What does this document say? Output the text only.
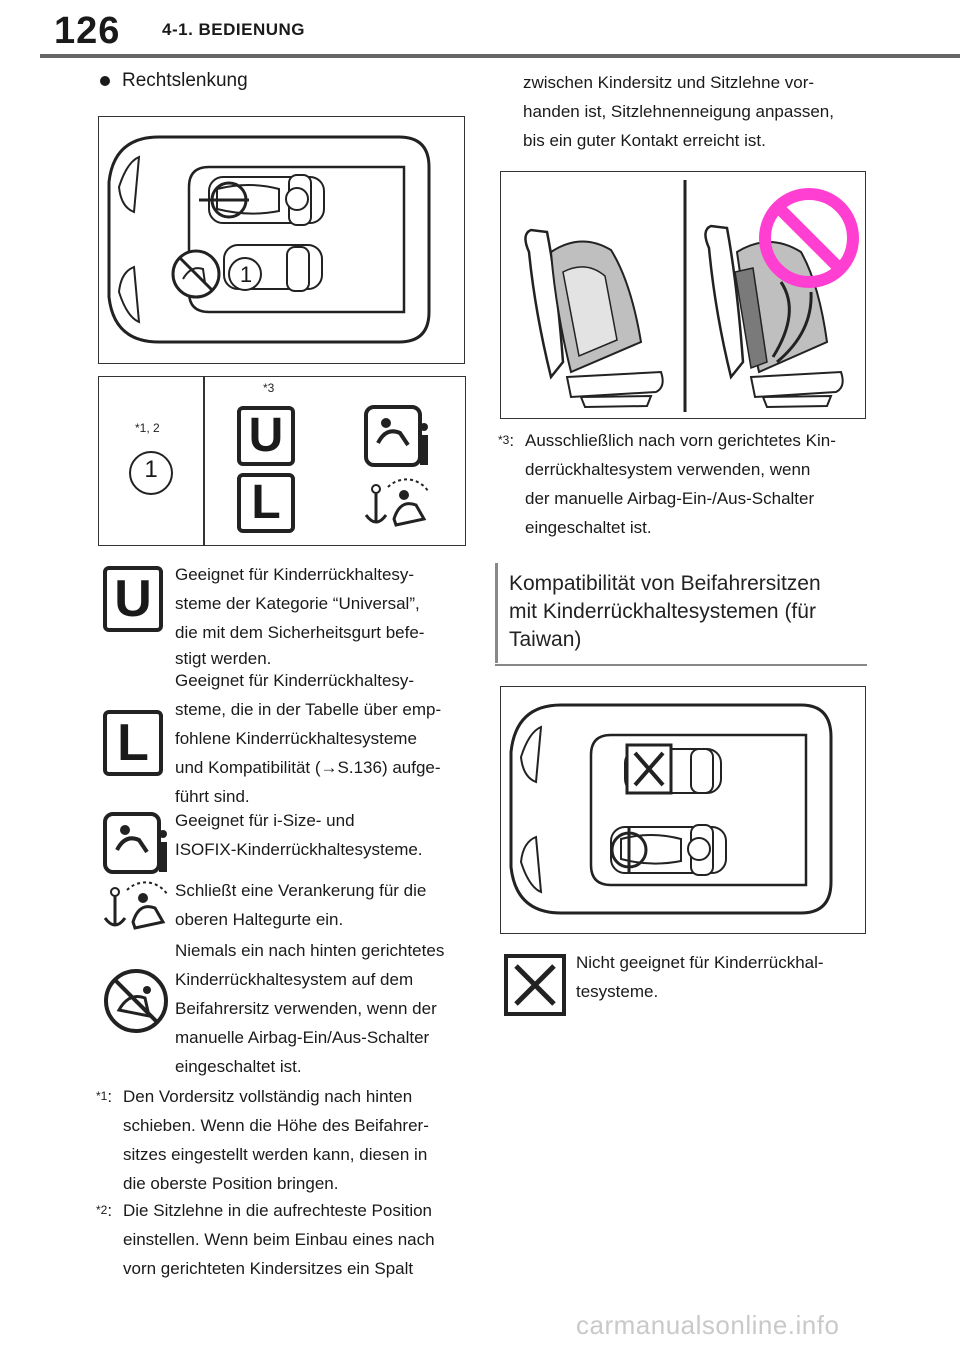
126 4-1. BEDIENUNG
Rechtslenkung
1
*1, 2
1
*3
U
L
U	Geeignet für Kinderrückhaltesy-
steme der Kategorie “Universal”,
die mit dem Sicherheitsgurt befe-
stigt werden.
L
Geeignet für Kinderrückhaltesy-
steme, die in der Tabelle über emp-
fohlene Kinderrückhaltesysteme
und Kompatibilität (→S.136) aufge-
führt sind.
Geeignet für i-Size- und
ISOFIX-Kinderrückhaltesysteme.
Schließt eine Verankerung für die
oberen Haltegurte ein.
Niemals ein nach hinten gerichtetes
Kinderrückhaltesystem auf dem
Beifahrersitz verwenden, wenn der
manuelle Airbag-Ein/Aus-Schalter
eingeschaltet ist.
$^{*1}$: Den Vordersitz vollständig nach hinten
schieben. Wenn die Höhe des Beifahrer-
sitzes eingestellt werden kann, diesen in
die oberste Position bringen.
$^{*2}$: Die Sitzlehne in die aufrechteste Position
einstellen. Wenn beim Einbau eines nach
vorn gerichteten Kindersitzes ein Spalt
zwischen Kindersitz und Sitzlehne vor-
handen ist, Sitzlehnenneigung anpassen,
bis ein guter Kontakt erreicht ist.
$^{*3}$: Ausschließlich nach vorn gerichtetes Kin-
derrückhaltesystem verwenden, wenn
der manuelle Airbag-Ein-/Aus-Schalter
eingeschaltet ist.
Kompatibilität von Beifahrersitzen
mit Kinderrückhaltesystemen (für
Taiwan)
Nicht geeignet für Kinderrückhal-
tesysteme.
carmanualsonline.info
